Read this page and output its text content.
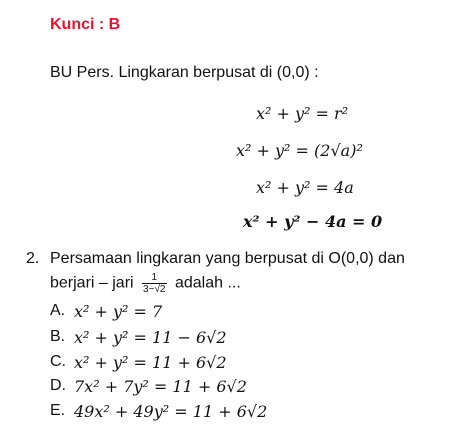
Kunci : B
BU Pers. Lingkaran berpusat di (0,0) :
x² + y² = r²
x² + y² = (2√a)²
x² + y² = 4a
x² + y² − 4a = 0
2. Persamaan lingkaran yang berpusat di O(0,0) dan
berjari – jari $\frac{1}{3-√2}$ adalah ...
A. x² + y² = 7
B. x² + y² = 11 − 6√2
C. x² + y² = 11 + 6√2
D. 7x² + 7y² = 11 + 6√2
E. 49x² + 49y² = 11 + 6√2
